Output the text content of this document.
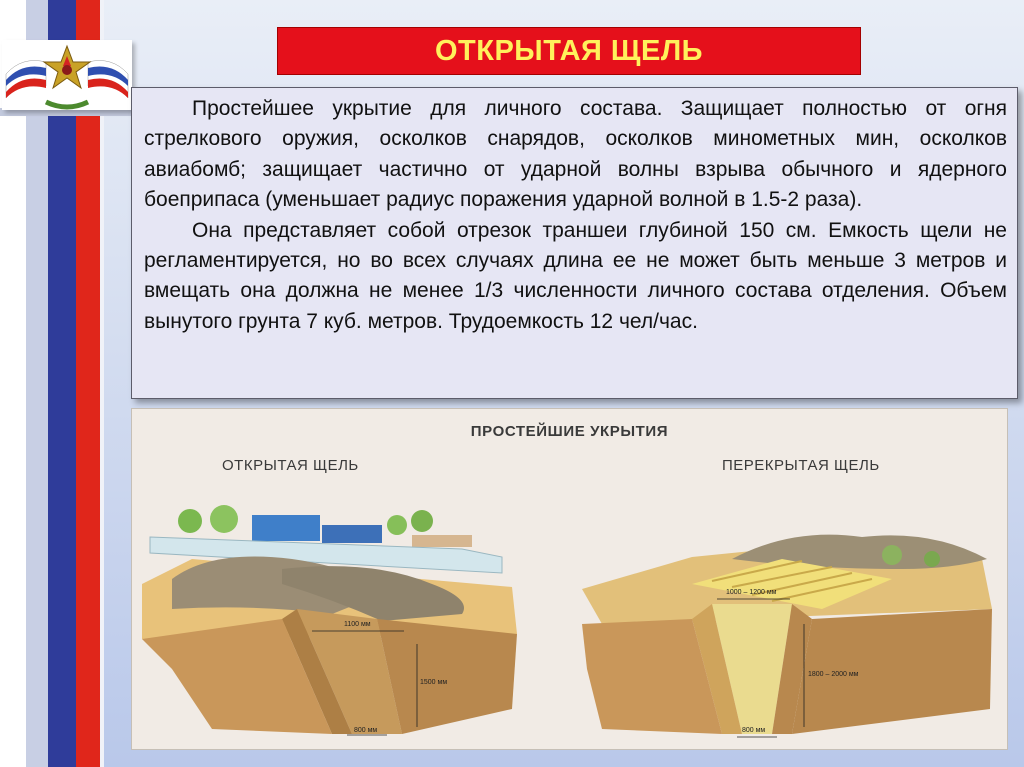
ОТКРЫТАЯ ЩЕЛЬ

Простейшее укрытие для личного состава. Защищает полностью от огня стрелкового оружия, осколков снарядов, осколков минометных мин, осколков авиабомб; защищает частично от ударной волны взрыва обычного и ядерного боеприпаса (уменьшает радиус поражения ударной волной в 1.5-2 раза).

Она представляет собой отрезок траншеи глубиной 150 см. Емкость щели не регламентируется, но во всех случаях длина ее не может быть меньше 3 метров и вмещать она должна не менее 1/3 численности личного состава отделения. Объем вынутого грунта 7 куб. метров. Трудоемкость 12 чел/час.

ПРОСТЕЙШИЕ УКРЫТИЯ
ОТКРЫТАЯ ЩЕЛЬ	ПЕРЕКРЫТАЯ ЩЕЛЬ
1100 мм
1500 мм
800 мм
1000 – 1200 мм
1800 – 2000 мм
800 мм
